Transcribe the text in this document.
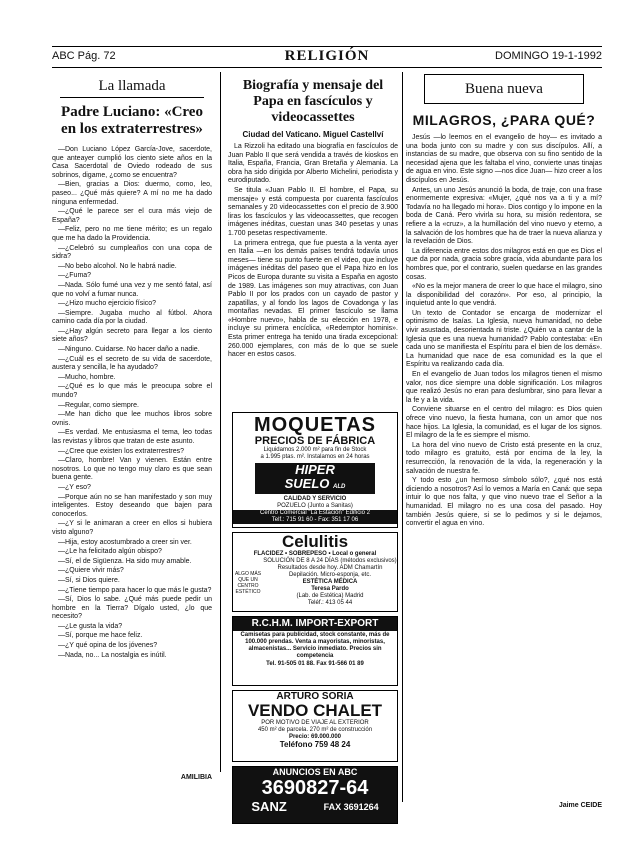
ABC Pág. 72	RELIGIÓN	DOMINGO 19-1-1992
La llamada
Padre Luciano: «Creo en los extraterrestres»

—Don Luciano López García-Jove, sacerdote, que anteayer cumplió los ciento siete años en la Casa Sacerdotal de Oviedo rodeado de sus sobrinos, digame, ¿como se encuentra?

—Bien, gracias a Dios: duermo, como, leo, paseo... ¿Qué más quiere? A mí no me ha dado ninguna enfermedad.

—¿Qué le parece ser el cura más viejo de España?

—Feliz, pero no me tiene mérito; es un regalo que me ha dado la Providencia.

—¿Celebró su cumpleaños con una copa de sidra?

—No bebo alcohol. No le habrá nadie.

—¿Fuma?

—Nada. Sólo fumé una vez y me sentó fatal, así que no volví a fumar nunca.

—¿Hizo mucho ejercicio físico?

—Siempre. Jugaba mucho al fútbol. Ahora camino cada día por la ciudad.

—¿Hay algún secreto para llegar a los ciento siete años?

—Ninguno. Cuidarse. No hacer daño a nadie.

—¿Cuál es el secreto de su vida de sacerdote, austera y sencilla, le ha ayudado?

—Mucho, hombre.

—¿Qué es lo que más le preocupa sobre el mundo?

—Regular, como siempre.

—Me han dicho que lee muchos libros sobre ovnis.

—Es verdad. Me entusiasma el tema, leo todas las revistas y libros que tratan de este asunto.

—¿Cree que existen los extraterrestres?

—Claro, hombre! Van y vienen. Están entre nosotros. Lo que no tengo muy claro es que sean buena gente.

—¿Y eso?

—Porque aún no se han manifestado y son muy inteligentes. Estoy deseando que bajen para conocerlos.

—¿Y si le animaran a creer en ellos si hubiera visto alguno?

—Hija, estoy acostumbrado a creer sin ver.

—¿Le ha felicitado algún obispo?

—Sí, el de Sigüenza. Ha sido muy amable.

—¿Quiere vivir más?

—Sí, si Dios quiere.

—¿Tiene tiempo para hacer lo que más le gusta?

—Sí, Dios lo sabe. ¿Qué más puede pedir un hombre en la Tierra? Dígalo usted, ¿lo que necesito?

—¿Le gusta la vida?

—Sí, porque me hace feliz.

—¿Y qué opina de los jóvenes?

—Nada, no... La nostalgia es inútil.

AMILIBIA
Biografía y mensaje del Papa en fascículos y videocassettes
Ciudad del Vaticano. Miguel Castellví

La Rizzoli ha editado una biografía en fascículos de Juan Pablo II que será vendida a través de kioskos en Italia, España, Francia, Gran Bretaña y Alemania. La obra ha sido dirigida por Alberto Michelini, periodista y eurodiputado.

Se titula «Juan Pablo II. El hombre, el Papa, su mensaje» y está compuesta por cuarenta fascículos semanales y 20 videocassettes con el precio de 3.900 liras los fascículos y las videocassettes, que recogen imágenes inéditas, cuestan unas 340 pesetas y unas 1.700 pesetas respectivamente.

La primera entrega, que fue puesta a la venta ayer en Italia —en los demás países tendrá todavía unos meses— tiene su punto fuerte en el video, que incluye imágenes inéditas del paseo que el Papa hizo en los Picos de Europa durante su visita a España en agosto de 1989. Las imágenes son muy atractivas, con Juan Pablo II por los prados con un cayado de pastor y zapatillas, y al fondo los lagos de Covadonga y las montañas nevadas. El primer fascículo se llama «Hombre nuevo», habla de su elección en 1978, e incluye su primera encíclica, «Redemptor hominis». Esta primer entrega ha tenido una tirada excepcional: 260.000 ejemplares, con más de lo que se suele hacer en estos casos.

MOQUETAS
PRECIOS DE FÁBRICA
Liquidamos 2.000 m² para fin de Stock
a 1.995 ptas. m². Instalamos en 24 horas
HIPER
SUELO ALD
CALIDAD Y SERVICIO
POZUELO (Junto a Sanitas)
Centro Comercial "La Estación" Edificio 2
Telf.: 715 91 60 - Fax: 351 17 06
Celulitis
FLACIDEZ • SOBREPESO • Local o general
ALGO MÁS QUE UN CENTRO ESTÉTICO
SOLUCIÓN DE 8 A 24 DÍAS (métodos exclusivos)
Resultados desde hoy. ADM Chamartín
Depilación. Micro-esponja, etc.
ESTÉTICA MÉDICA
Teresa Pardo
(Lab. de Estética) Madrid
Teléf.: 413 05 44
R.C.H.M. IMPORT-EXPORT
Camisetas para publicidad, stock constante, más de 100.000 prendas. Venta a mayoristas, minoristas, almacenistas... Servicio inmediato. Precios sin competencia
Tel. 91-505 01 88. Fax 91-566 01 89
ARTURO SORIA
VENDO CHALET
POR MOTIVO DE VIAJE AL EXTERIOR
450 m² de parcela. 270 m² de construcción
Precio: 69.000.000
Teléfono 759 48 24
ANUNCIOS EN ABC
3690827-64
SANZ	FAX 3691264
Buena nueva
MILAGROS, ¿PARA QUÉ?

Jesús —lo leemos en el evangelio de hoy— es invitado a una boda junto con su madre y con sus discípulos. Allí, a instancias de su madre, que observa con su fino sentido de la necesidad ajena que les faltaba el vino, convierte unas tinajas de agua en vino. Este signo —nos dice Juan— hizo creer a los discípulos en Jesús.

Antes, un uno Jesús anunció la boda, de traje, con una frase enormemente expresiva: «Mujer, ¿qué nos va a ti y a mí? Todavía no ha llegado mi hora». Dios contigo y lo impone en la boda de Caná. Pero vivirla su hora, su misión redentora, se refiere a la «cruz», a la humillación del vino nuevo y eterno, a la salvación de los hombres que ha de traer la nueva alianza y la revelación de Dios.

La diferencia entre estos dos milagros está en que es Dios el que da por nada, gracia sobre gracia, vida abundante para los hombres que, por el contrario, suelen quedarse en las grandes cosas.

«No es la mejor manera de creer lo que hace el milagro, sino la disponibilidad del corazón». Por eso, al principio, la inquietud ante lo que vendrá.

Un texto de Contador se encarga de modernizar el optimismo de Isaías. La Iglesia, nueva humanidad, no debe vivir asustada, desorientada ni triste. ¿Quién va a cantar de la Iglesia que es una nueva humanidad? Pablo contestaba: «En cada uno se manifiesta el Espíritu para el bien de los demás». La humanidad que nace de esa comunidad es la que el Espíritu va realizando cada día.

En el evangelio de Juan todos los milagros tienen el mismo valor, nos dice siempre una doble significación. Los milagros que realizó Jesús no eran para deslumbrar, sino para llevar a la fe y a la vida.

Conviene situarse en el centro del milagro: es Dios quien ofrece vino nuevo, la fiesta humana, con un amor que nos hace hijos. La Iglesia, la comunidad, es el lugar de los signos. El milagro de la fe es siempre el mismo.

La hora del vino nuevo de Cristo está presente en la cruz, todo milagro es gratuito, está por encima de la ley, la resurrección, la renovación de la vida, la regeneración y la salvación de nuestra fe.

Y todo esto ¿un hermoso símbolo sólo?, ¿qué nos está diciendo a nosotros? Así lo vemos a María en Caná: que sepa intuir lo que nos falta, y que vino nuevo trae el Señor a la humanidad. El milagro no es una cosa del pasado. Hoy también Jesús quiere, si se lo pedimos y si le dejamos, convertir el agua en vino.

Jaime CEIDE
